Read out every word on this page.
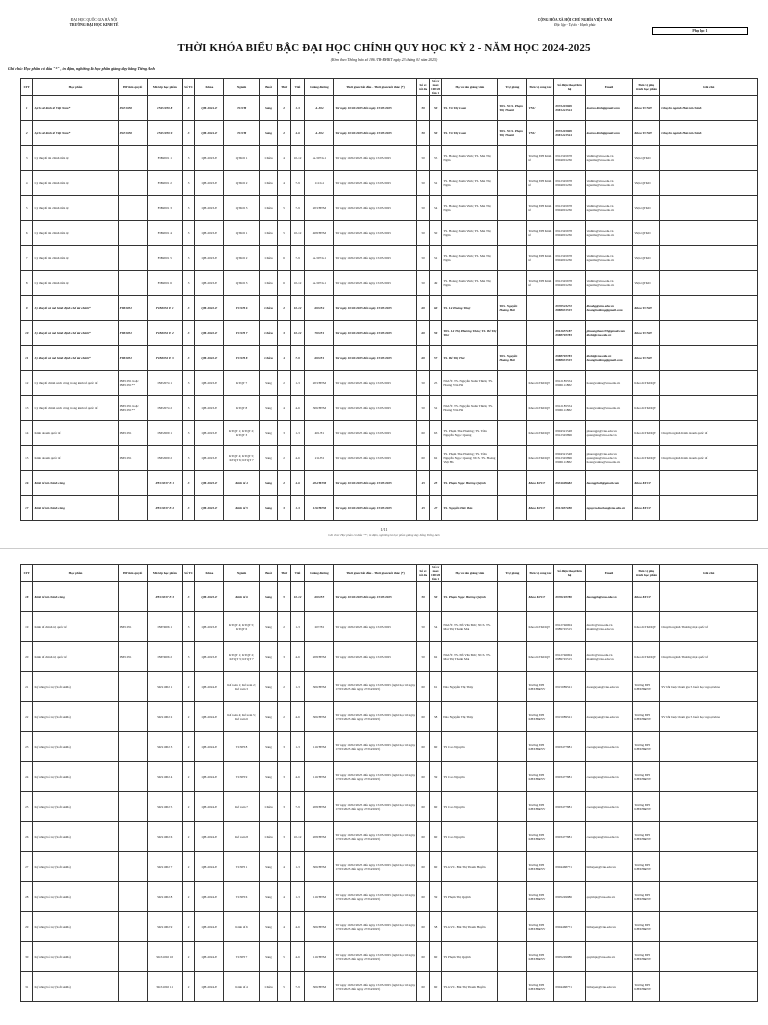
ĐẠI HỌC QUỐC GIA HÀ NỘI
TRƯỜNG ĐẠI HỌC KINH TẾ
CỘNG HÒA XÃ HỘI CHỦ NGHĨA VIỆT NAM
Độc lập - Tự do - Hạnh phúc
Phụ lục 1
THỜI KHÓA BIỂU BẬC ĐẠI HỌC CHÍNH QUY HỌC KỲ 2 - NĂM HỌC 2024-2025
(Kèm theo Thông báo số 186 /TB-ĐHKT ngày 23 tháng 01 năm 2025)
Ghi chú: Học phần có dấu "*" , in đậm, nghiêng là học phần giảng dạy bằng Tiếng Anh
STT	Học phần	HP tiên quyết	Mã lớp học phần	Số TC	Khóa	Ngành	Buổi	Thứ	Tiết	Giảng đường	Thời gian bắt đầu - Thời gian kết thúc (*)	Số sv tối đa	Số sv max 100/20 lần 1	Họ và tên giảng viên	Trợ giảng	Đơn vị công tác	Số điện thoại liên hệ	Email	Đơn vị phụ trách học phần	Ghi chú
1	Lịch sử kinh tế Việt Nam*	INE1050	INE1050 8	3	QH-2024-E	TCNH	Sáng	2	1-3	A-304	Từ ngày 10/02/2025 đến ngày 15/05/2025	50	50	TS. Võ Thị Loan	ThS. NCS. Phạm Thị Thanh	VNU	0972401869 0981441544	loanvo.kinh@gmail.com	Khoa TCNH	Chuyên ngành Hàn tài chính
2	Lịch sử kinh tế Việt Nam*	INE1050	INE1050 9	3	QH-2024-E	TCNH	Sáng	2	4-6	A-304	Từ ngày 10/02/2025 đến ngày 15/05/2025	50	50	TS. Võ Thị Loan	ThS. NCS. Phạm Thị Thanh	VNU	0972401869 0981441544	loanvo.kinh@gmail.com	Khoa TCNH	Chuyên ngành Hàn tài chính
3	Lý thuyết tài chính tiền tệ		FIB2001 1	3	QH-2023-E	QTKD 1	Chiều	4	10-12	A-307/G1	Từ ngày 10/02/2025 đến ngày 15/05/2025	50	55	TS. Hoàng Xuân Vinh; TS. Mai Thị Ngân		Trường ĐH Kinh tế	0912345678 0904001236	vinhhx@vnu.edu.vn nganmt@vnu.edu.vn	Viện QTKD	
4	Lý thuyết tài chính tiền tệ		FIB2001 2	3	QH-2023-E	QTKD 2	Chiều	4	7-9	111/G1	Từ ngày 10/02/2025 đến ngày 15/05/2025	50	52	TS. Hoàng Xuân Vinh; TS. Mai Thị Ngân		Trường ĐH Kinh tế	0912345678 0904001236	vinhhx@vnu.edu.vn nganmt@vnu.edu.vn	Viện QTKD	
5	Lý thuyết tài chính tiền tệ		FIB2001 3	3	QH-2023-E	QTKD 3	Chiều	5	7-9	203/HTM	Từ ngày 10/02/2025 đến ngày 15/05/2025	50	54	TS. Hoàng Xuân Vinh; TS. Mai Thị Ngân		Trường ĐH Kinh tế	0912345678 0904001236	vinhhx@vnu.edu.vn nganmt@vnu.edu.vn	Viện QTKD	
6	Lý thuyết tài chính tiền tệ		FIB2001 4	3	QH-2023-E	QTKD 1	Chiều	5	10-12	408/HTM	Từ ngày 10/02/2025 đến ngày 15/05/2025	50	50	TS. Hoàng Xuân Vinh; TS. Mai Thị Ngân		Trường ĐH Kinh tế	0912345678 0904001236	vinhhx@vnu.edu.vn nganmt@vnu.edu.vn	Viện QTKD	
7	Lý thuyết tài chính tiền tệ		FIB2001 5	3	QH-2023-E	QTKD 2	Chiều	6	7-9	A-307/G1	Từ ngày 10/02/2025 đến ngày 15/05/2025	50	52	TS. Hoàng Xuân Vinh; TS. Mai Thị Ngân		Trường ĐH Kinh tế	0912345678 0904001236	vinhhx@vnu.edu.vn nganmt@vnu.edu.vn	Viện QTKD	
8	Lý thuyết tài chính tiền tệ		FIB2001 6	3	QH-2023-E	QTKD 3	Chiều	6	10-12	A-307/G1	Từ ngày 10/02/2025 đến ngày 15/05/2025	50	49	TS. Hoàng Xuân Vinh; TS. Mai Thị Ngân		Trường ĐH Kinh tế	0912345678 0904001236	vinhhx@vnu.edu.vn nganmt@vnu.edu.vn	Viện QTKD	
9	Lý thuyết và mô hình định chế tài chính*	FIB3052	FIB3052 E 1	3	QH-2022-E	TCNH 6	Chiều	2	10-12	603/E4	Từ ngày 10/02/2025 đến ngày 15/05/2025	60	60	TS. Lê Hoàng Thuỳ	ThS. Nguyễn Hoàng Hải		0976543272 0888931515	lhoahg@vnu.edu.vn hoanghailong@gmail.com	Khoa TCNH	
10	Lý thuyết và mô hình định chế tài chính*	FIB3052	FIB3052 E 2	3	QH-2022-E	TCNH 7	Chiều	3	10-12	703/E1	Từ ngày 10/02/2025 đến ngày 15/05/2025	60	59	ThS. Lê Thị Phương Thảo; TS. Bế Thị Thơ			0912657187 0988765783	phuongthao135@gmail.com thobt@vnu.edu.vn	Khoa TCNH	
11	Lý thuyết và mô hình định chế tài chính*	FIB3052	FIB3052 E 3	3	QH-2022-E	TCNH 8	Chiều	4	7-9	603/E1	Từ ngày 10/02/2025 đến ngày 15/05/2025	60	57	TS. Bế Thị Thơ	ThS. Nguyễn Hoàng Hải		0988765783 0888931515	thobt@vnu.edu.vn hoanghailong@gmail.com	Khoa TCNH	
12	Lý thuyết chính sách công trong kinh tế quốc tế	INE1051 hoặc INE1051**	INE2074 1	3	QH-2023-E	KTQT 7	Sáng	2	1-3	203/HTM	Từ ngày 10/02/2025 đến ngày 15/05/2025	50	25	NGƯT. TS. Nguyễn Xuân Thiên; TS. Hoàng Văn Hà		Khoa KTKDQT	0912185554 0906111882	hoangvanha@vnu.edu.vn	Khoa KTKDQT	
13	Lý thuyết chính sách công trong kinh tế quốc tế	INE1051 hoặc INE1051**	INE2074 2	3	QH-2023-E	KTQT 8	Sáng	4	4-6	306/HTM	Từ ngày 10/02/2025 đến ngày 15/05/2025	50	52	NGƯT. TS. Nguyễn Xuân Thiên; TS. Hoàng Văn Hà		Khoa KTKDQT	0912185554 0906111882	hoangvanha@vnu.edu.vn	Khoa KTKDQT	
14	Kinh doanh quốc tế	INE1051	INE2009 1	3	QH-2023-E	KTQT 1; KTQT 2; KTQT 3	Sáng	3	1-3	401/E1	Từ ngày 10/02/2025 đến ngày 15/05/2025	60	63	TS. Phạm Thu Phương; TS. Trần Nguyễn Ngọc Quang		Khoa KTKDQT	0904321548 0912345896	phuongpt@vnu.edu.vn quangtnn@vnu.edu.vn	Khoa KTKDQT	Chuyên ngành Kinh doanh quốc tế
15	Kinh doanh quốc tế	INE1051	INE2009 2	3	QH-2023-E	KTQT 4; KTQT 5; KTQT 6; KTQT 7	Sáng	2	4-6	211/E2	Từ ngày 10/02/2025 đến ngày 15/05/2025	60	62	TS. Phạm Thu Phương; TS. Trần Nguyễn Ngọc Quang; NCS. TS. Hoàng Việt Hà		Khoa KTKDQT	0904321548 0912345896 0906111882	phuongpt@vnu.edu.vn quangtnn@vnu.edu.vn hoangvanha@vnu.edu.vn	Khoa KTKDQT	Chuyên ngành Kinh doanh quốc tế
16	Kinh tế tài chính công		PEC3037 E 1	3	QH-2023-E	Kinh tế 4	Sáng	2	4-6	204/HTM	Từ ngày 10/02/2025 đến ngày 15/05/2025	45	25	TS. Phạm Ngọc Hương Quỳnh		Khoa KTCT	0934609682	huongph46@gmail.com	Khoa KTCT	
17	Kinh tế tài chính công		PEC3037 E 2	3	QH-2023-E	Kinh tế 5	Sáng	3	1-3	110/HTM	Từ ngày 10/02/2025 đến ngày 15/05/2025	45	47	TS. Nguyễn Đức Bảo		Khoa KTCT	0911657288	nguyen.ducbao@vnu.edu.vn	Khoa KTCT	
1/11
Ghi chú: Học phần có dấu "*", in đậm, nghiêng là học phần giảng dạy bằng Tiếng Anh
STT	Học phần	HP tiên quyết	Mã lớp học phần	Số TC	Khóa	Ngành	Buổi	Thứ	Tiết	Giảng đường	Thời gian bắt đầu - Thời gian kết thúc (*)	Số sv tối đa	Số sv max 100/20 lần 1	Họ và tên giảng viên	Trợ giảng	Đơn vị công tác	Số điện thoại liên hệ	Email	Đơn vị phụ trách học phần	Ghi chú
18	Kinh tế tài chính công		PEC3037 E 3	3	QH-2023-E	Kinh tế 6	Sáng	5	10-12	603/E5	Từ ngày 10/02/2025 đến ngày 15/05/2025	50	50	TS. Phạm Ngọc Hương Quỳnh		Khoa KTCT	0976165780	huongph@vnu.edu.vn	Khoa KTCT	
19	Kinh tế chính trị quốc tế	INE1051	INE3006 1	3	QH-2023-E	KTQT 4; KTQT 5; KTQT 6	Sáng	2	1-3	207/E2	Từ ngày 10/02/2025 đến ngày 15/05/2025	50	54	NGƯT. TS. Đỗ Văn Đức; NCS. TS. Mai Thị Thanh Mai		Khoa KTKDQT	0912746004 0989745515	ducdv@vnu.edu.vn maimtt@vnu.edu.vn	Khoa KTKDQT	Chuyên ngành Thương mại quốc tế
20	Kinh tế chính trị quốc tế	INE1051	INE3006 2	3	QH-2023-E	KTQT 1; KTQT 2; KTQT 3; KTQT 7	Sáng	3	4-6	208/HTM	Từ ngày 10/02/2025 đến ngày 15/05/2025	50	62	NGƯT. TS. Đỗ Văn Đức; NCS. TS. Mai Thị Thanh Mai		Khoa KTKDQT	0912746004 0989745515	ducdv@vnu.edu.vn maimtt@vnu.edu.vn	Khoa KTKDQT	Chuyên ngành Thương mại quốc tế
21	Kỹ năng bổ trợ (Soft skills)		SKS1002 1	2	QH-2024-E	Kế toán 1; Kế toán 2; Kế toán 3	Sáng	2	1-3	306/HTM	Từ ngày 10/02/2025 đến ngày 15/05/2025 (nghỉ học từ ngày 17/03/2025 đến ngày 27/04/2025)	60	61	Đào Nguyễn Thị Thùy		Trường ĐH KHXH&NV	0915089521	daonguyen@vnu.edu.vn	Trường ĐH KHXH&NV	SV bắt buộc tham gia 5 buổi học ngoại khóa
22	Kỹ năng bổ trợ (Soft skills)		SKS1002 2	2	QH-2024-E	Kế toán 4; Kế toán 5; Kế toán 6	Sáng	2	4-6	306/HTM	Từ ngày 10/02/2025 đến ngày 15/05/2025 (nghỉ học từ ngày 17/03/2025 đến ngày 27/04/2025)	60	58	Đào Nguyễn Thị Thùy		Trường ĐH KHXH&NV	0915089521	daonguyen@vnu.edu.vn	Trường ĐH KHXH&NV	SV bắt buộc tham gia 5 buổi học ngoại khóa
23	Kỹ năng bổ trợ (Soft skills)		SKS1002 3	2	QH-2024-E	TCNH 8	Sáng	3	1-3	110/HTM	Từ ngày 10/02/2025 đến ngày 15/05/2025 (nghỉ học từ ngày 17/03/2025 đến ngày 27/04/2025)	60	60	TS Cao Nguyên		Trường ĐH KHXH&NV	0903477881	caonguyen@vnu.edu.vn	Trường ĐH KHXH&NV	
24	Kỹ năng bổ trợ (Soft skills)		SKS1002 4	2	QH-2024-E	TCNH 9	Sáng	3	4-6	110/HTM	Từ ngày 10/02/2025 đến ngày 15/05/2025 (nghỉ học từ ngày 17/03/2025 đến ngày 27/04/2025)	60	59	TS Cao Nguyên		Trường ĐH KHXH&NV	0903477881	caonguyen@vnu.edu.vn	Trường ĐH KHXH&NV	
25	Kỹ năng bổ trợ (Soft skills)		SKS1002 5	2	QH-2024-E	Kế toán 7	Chiều	3	7-9	208/HTM	Từ ngày 10/02/2025 đến ngày 15/05/2025 (nghỉ học từ ngày 17/03/2025 đến ngày 27/04/2025)	60	60	TS Cao Nguyên		Trường ĐH KHXH&NV	0903477881	caonguyen@vnu.edu.vn	Trường ĐH KHXH&NV	
26	Kỹ năng bổ trợ (Soft skills)		SKS1002 6	2	QH-2024-E	Kế toán 8	Chiều	3	10-12	208/HTM	Từ ngày 10/02/2025 đến ngày 15/05/2025 (nghỉ học từ ngày 17/03/2025 đến ngày 27/04/2025)	60	60	TS Cao Nguyên		Trường ĐH KHXH&NV	0903477881	caonguyen@vnu.edu.vn	Trường ĐH KHXH&NV	
27	Kỹ năng bổ trợ (Soft skills)		SKS1002 7	2	QH-2024-E	TCNH 1	Sáng	4	1-3	306/HTM	Từ ngày 10/02/2025 đến ngày 15/05/2025 (nghỉ học từ ngày 17/03/2025 đến ngày 27/04/2025)	60	60	TS.GVC. Bùi Thị Thanh Huyền		Trường ĐH KHXH&NV	0904468771	btthuyen@vnu.edu.vn	Trường ĐH KHXH&NV	
28	Kỹ năng bổ trợ (Soft skills)		SKS1002 8	2	QH-2024-E	TCNH 6	Sáng	4	1-3	110/HTM	Từ ngày 10/02/2025 đến ngày 15/05/2025 (nghỉ học từ ngày 17/03/2025 đến ngày 27/04/2025)	60	59	TS Phạm Thị Quỳnh		Trường ĐH KHXH&NV	0905249986	quynhpt@vnu.edu.vn	Trường ĐH KHXH&NV	
29	Kỹ năng bổ trợ (Soft skills)		SKS1002 9	2	QH-2024-E	Kinh tế 6	Sáng	4	4-6	306/HTM	Từ ngày 10/02/2025 đến ngày 15/05/2025 (nghỉ học từ ngày 17/03/2025 đến ngày 27/04/2025)	60	58	TS.GVC. Bùi Thị Thanh Huyền		Trường ĐH KHXH&NV	0904468771	btthuyen@vnu.edu.vn	Trường ĐH KHXH&NV	
30	Kỹ năng bổ trợ (Soft skills)		SKS1002 10	2	QH-2024-E	TCNH 7	Sáng	5	4-6	110/HTM	Từ ngày 10/02/2025 đến ngày 15/05/2025 (nghỉ học từ ngày 17/03/2025 đến ngày 27/04/2025)	60	60	TS Phạm Thị Quỳnh		Trường ĐH KHXH&NV	0905249986	quynhpt@vnu.edu.vn	Trường ĐH KHXH&NV	
31	Kỹ năng bổ trợ (Soft skills)		SKS1002 11	2	QH-2024-E	Kinh tế 4	Chiều	5	7-9	306/HTM	Từ ngày 10/02/2025 đến ngày 15/05/2025 (nghỉ học từ ngày 17/03/2025 đến ngày 27/04/2025)	60	60	TS.GVC. Bùi Thị Thanh Huyền		Trường ĐH KHXH&NV	0904468771	btthuyen@vnu.edu.vn	Trường ĐH KHXH&NV	
